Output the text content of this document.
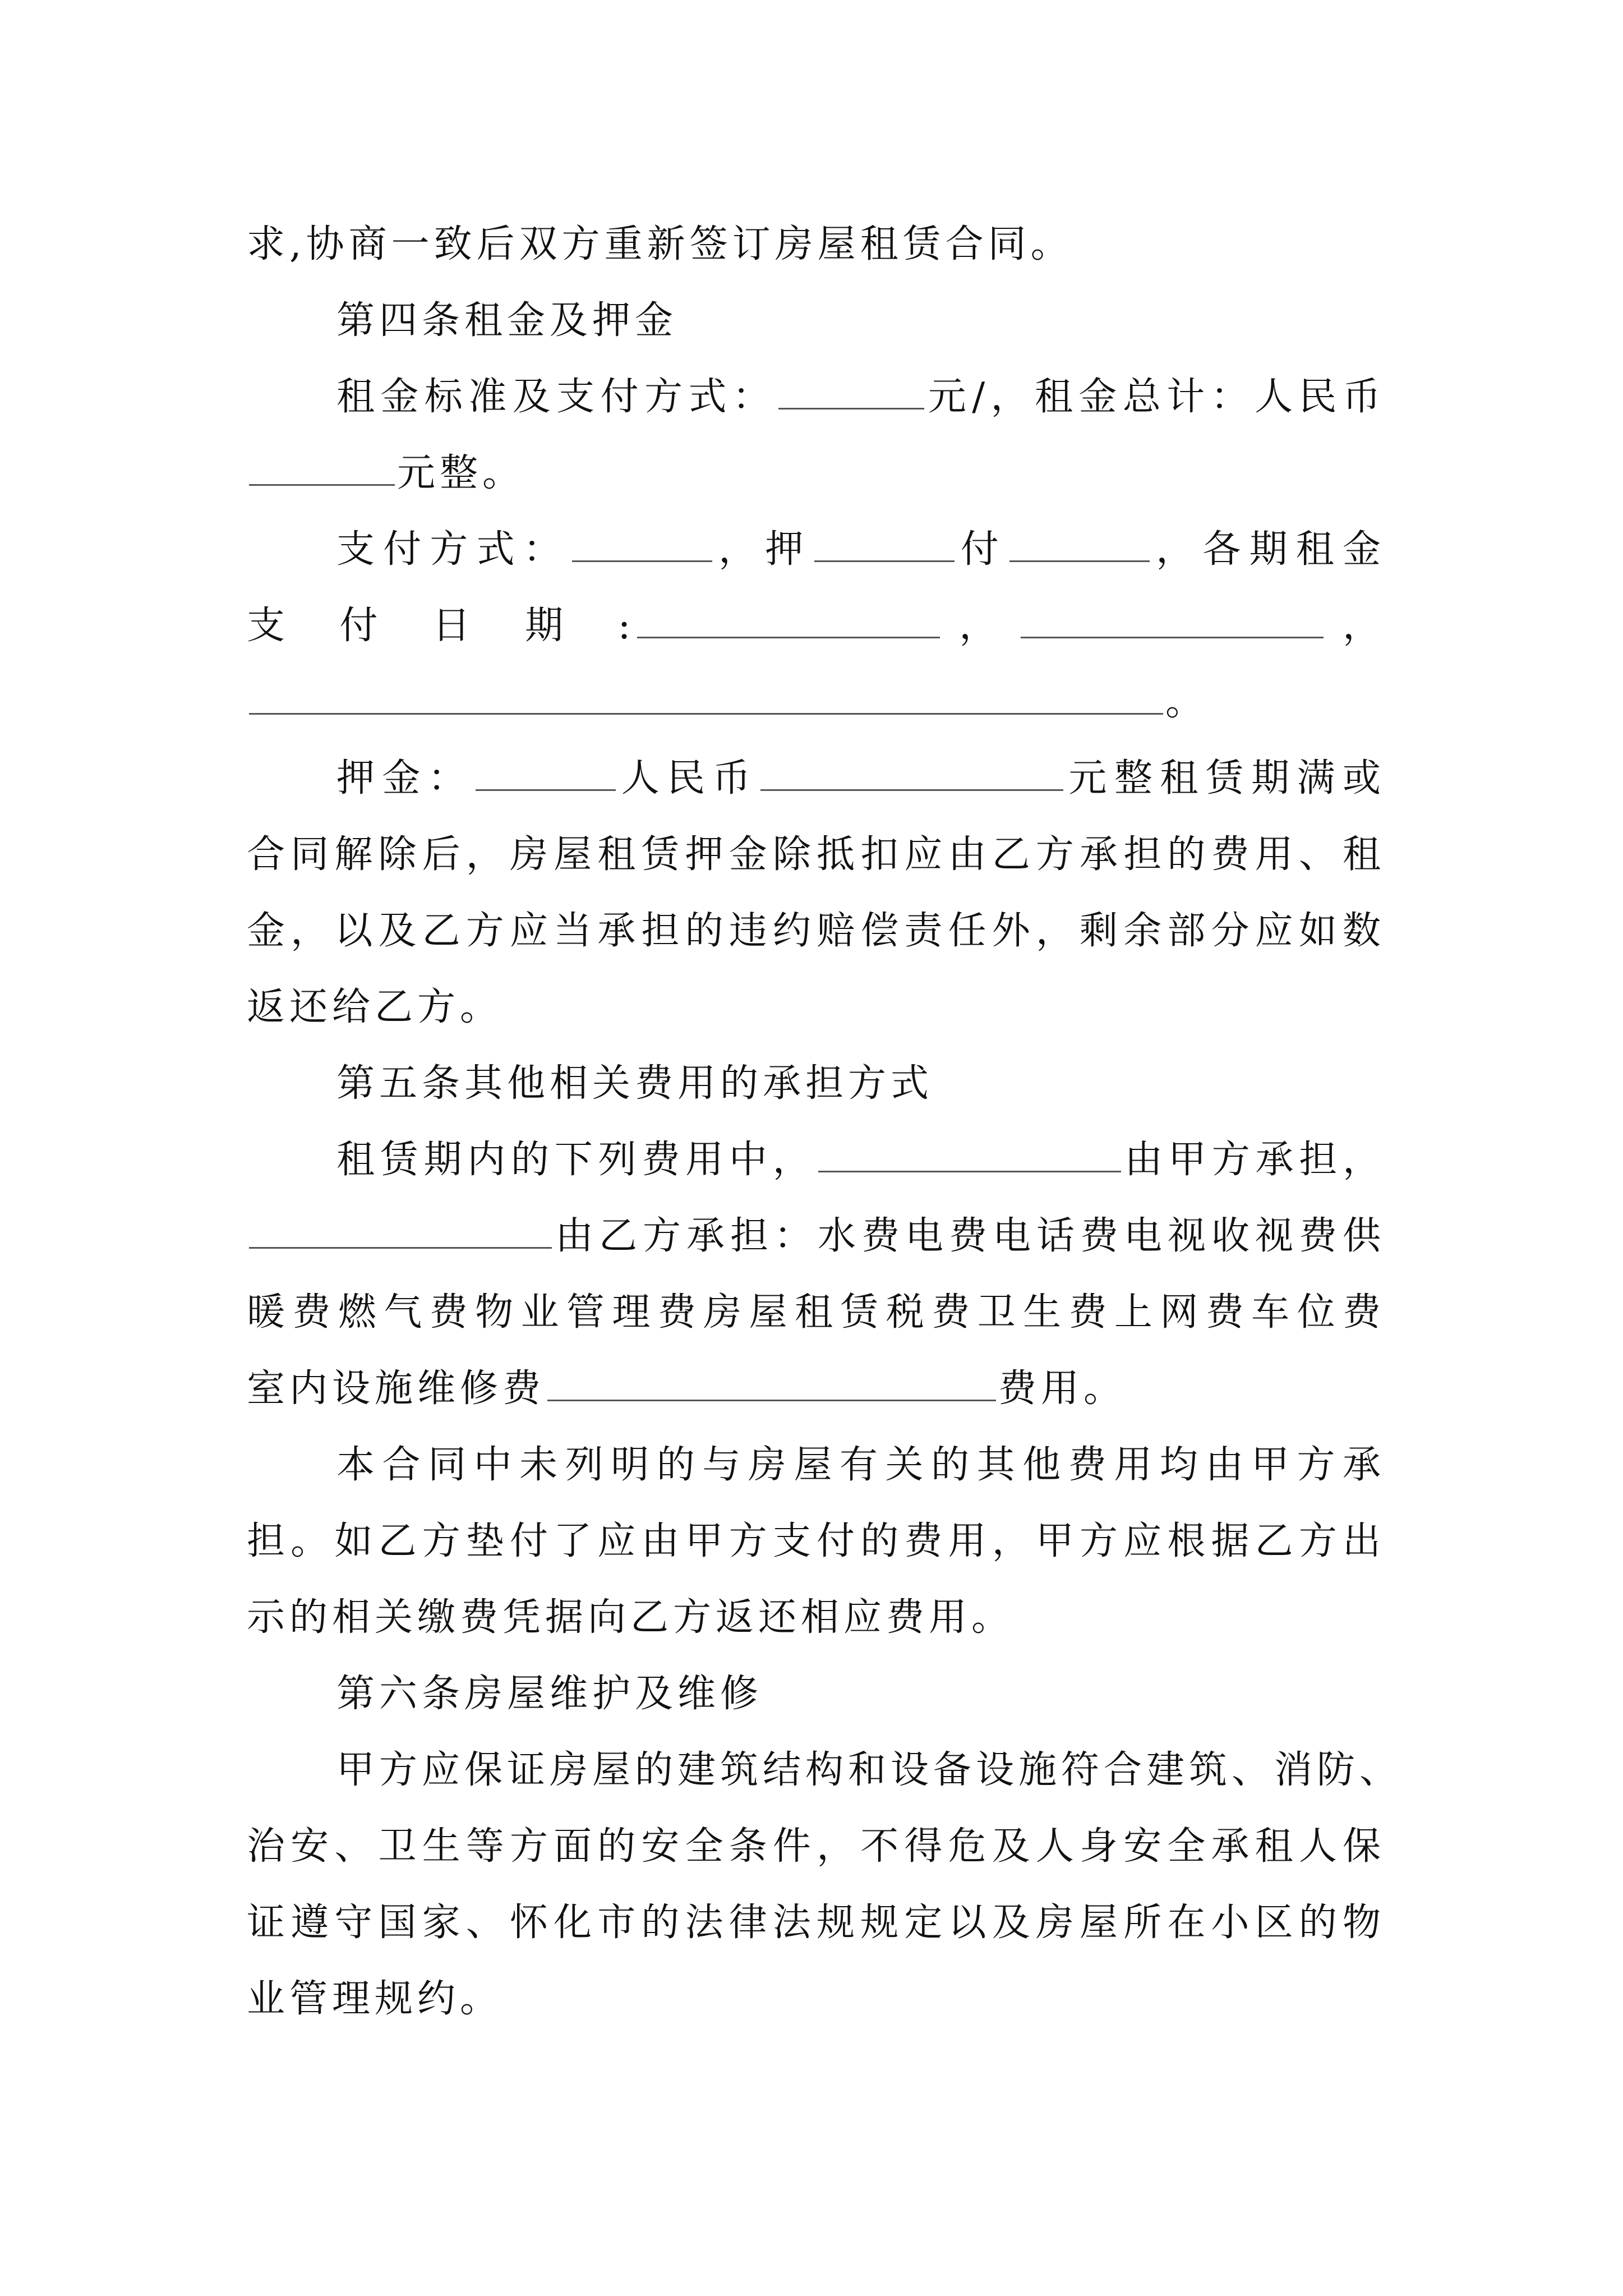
求,协商一致后双方重新签订房屋租赁合同。
第四条租金及押金
租金标准及支付方式：	元/，租金总计：人民币
元整。
支付方式：	，押	付	，各期租金
支 付 日 期 :	，	，
。
押金：	人民币	元整租赁期满或
合同解除后，房屋租赁押金除抵扣应由乙方承担的费用、租
金，以及乙方应当承担的违约赔偿责任外，剩余部分应如数
返还给乙方。
第五条其他相关费用的承担方式
租赁期内的下列费用中，	由甲方承担，
由乙方承担：水费电费电话费电视收视费供
暖费燃气费物业管理费房屋租赁税费卫生费上网费车位费
室内设施维修费	费用。
本合同中未列明的与房屋有关的其他费用均由甲方承
担。如乙方垫付了应由甲方支付的费用，甲方应根据乙方出
示的相关缴费凭据向乙方返还相应费用。
第六条房屋维护及维修
甲方应保证房屋的建筑结构和设备设施符合建筑、消防、
治安、卫生等方面的安全条件，不得危及人身安全承租人保
证遵守国家、怀化市的法律法规规定以及房屋所在小区的物
业管理规约。
